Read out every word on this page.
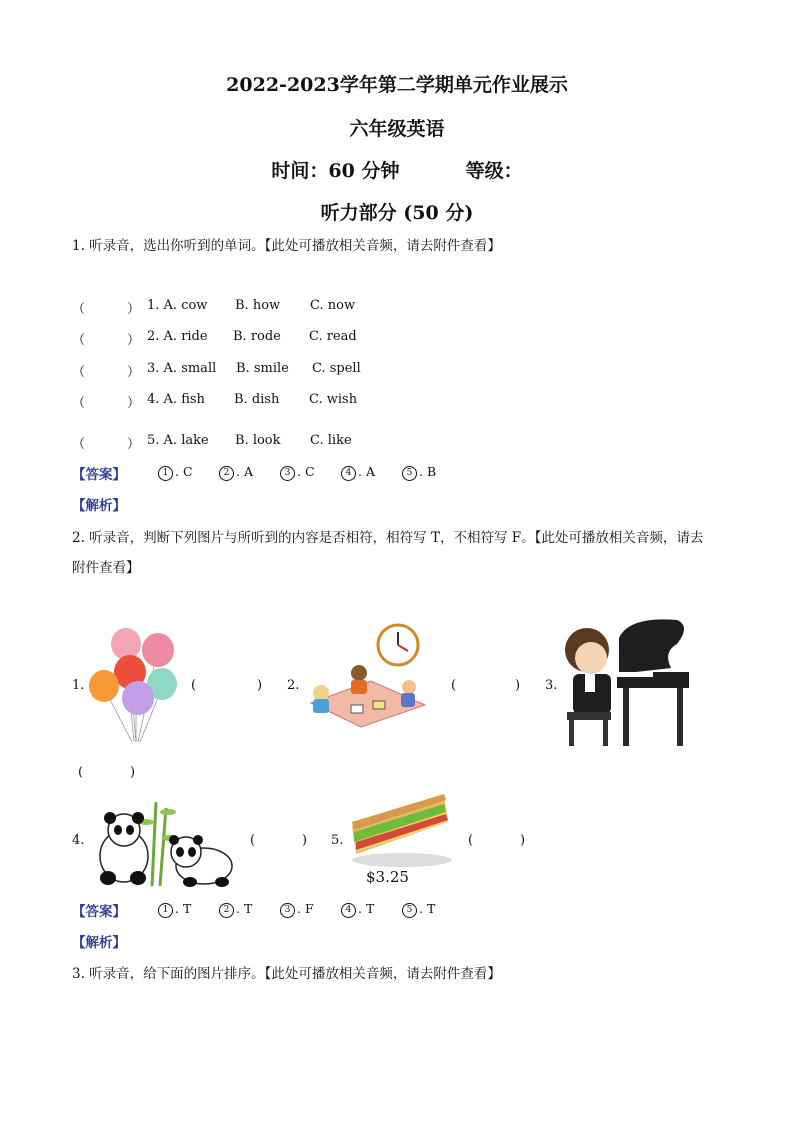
2022-2023学年第二学期单元作业展示
六年级英语
时间：60 分钟          等级：
听力部分 (50 分)
1. 听录音，选出你听到的单词。【此处可播放相关音频，请去附件查看】
（	） 1. A. cow B. how C. now
（	） 2. A. ride B. rode C. read
（	） 3. A. small B. smile C. spell
（	） 4. A. fish B. dish C. wish
（	） 5. A. lake B. look C. like
【答案】	1 . C	2 . A	3 . C	4 . A	5 . B
【解析】
2. 听录音，判断下列图片与所听到的内容是否相符，相符写 T，不相符写 F。【此处可播放相关音频，请去
附件查看】
1.	(	) 2.	(	) 3.
(	)
4.	(	) 5.
$3.25
(	)
【答案】	1 . T	2 . T	3 . F	4 . T	5 . T
【解析】
3. 听录音，给下面的图片排序。【此处可播放相关音频，请去附件查看】
